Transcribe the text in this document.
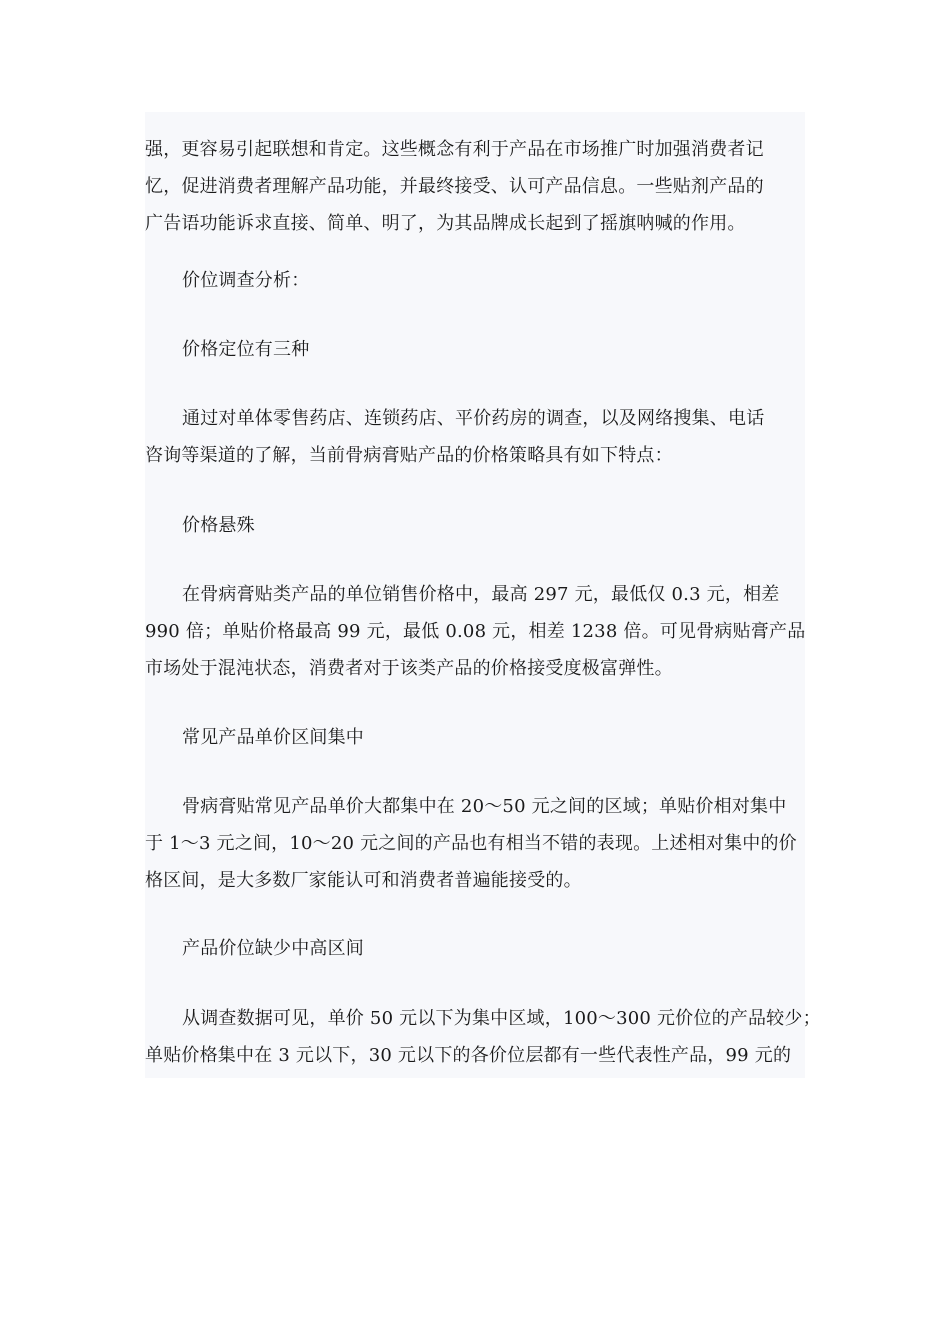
强，更容易引起联想和肯定。这些概念有利于产品在市场推广时加强消费者记
忆，促进消费者理解产品功能，并最终接受、认可产品信息。一些贴剂产品的
广告语功能诉求直接、简单、明了，为其品牌成长起到了摇旗呐喊的作用。

价位调查分析：

价格定位有三种

通过对单体零售药店、连锁药店、平价药房的调查，以及网络搜集、电话
咨询等渠道的了解，当前骨病膏贴产品的价格策略具有如下特点：

价格悬殊

在骨病膏贴类产品的单位销售价格中，最高 297 元，最低仅 0.3 元，相差
990 倍；单贴价格最高 99 元，最低 0.08 元，相差 1238 倍。可见骨病贴膏产品
市场处于混沌状态，消费者对于该类产品的价格接受度极富弹性。

常见产品单价区间集中

骨病膏贴常见产品单价大都集中在 20～50 元之间的区域；单贴价相对集中
于 1～3 元之间，10～20 元之间的产品也有相当不错的表现。上述相对集中的价
格区间，是大多数厂家能认可和消费者普遍能接受的。

产品价位缺少中高区间

从调查数据可见，单价 50 元以下为集中区域，100～300 元价位的产品较少；
单贴价格集中在 3 元以下，30 元以下的各价位层都有一些代表性产品，99 元的
